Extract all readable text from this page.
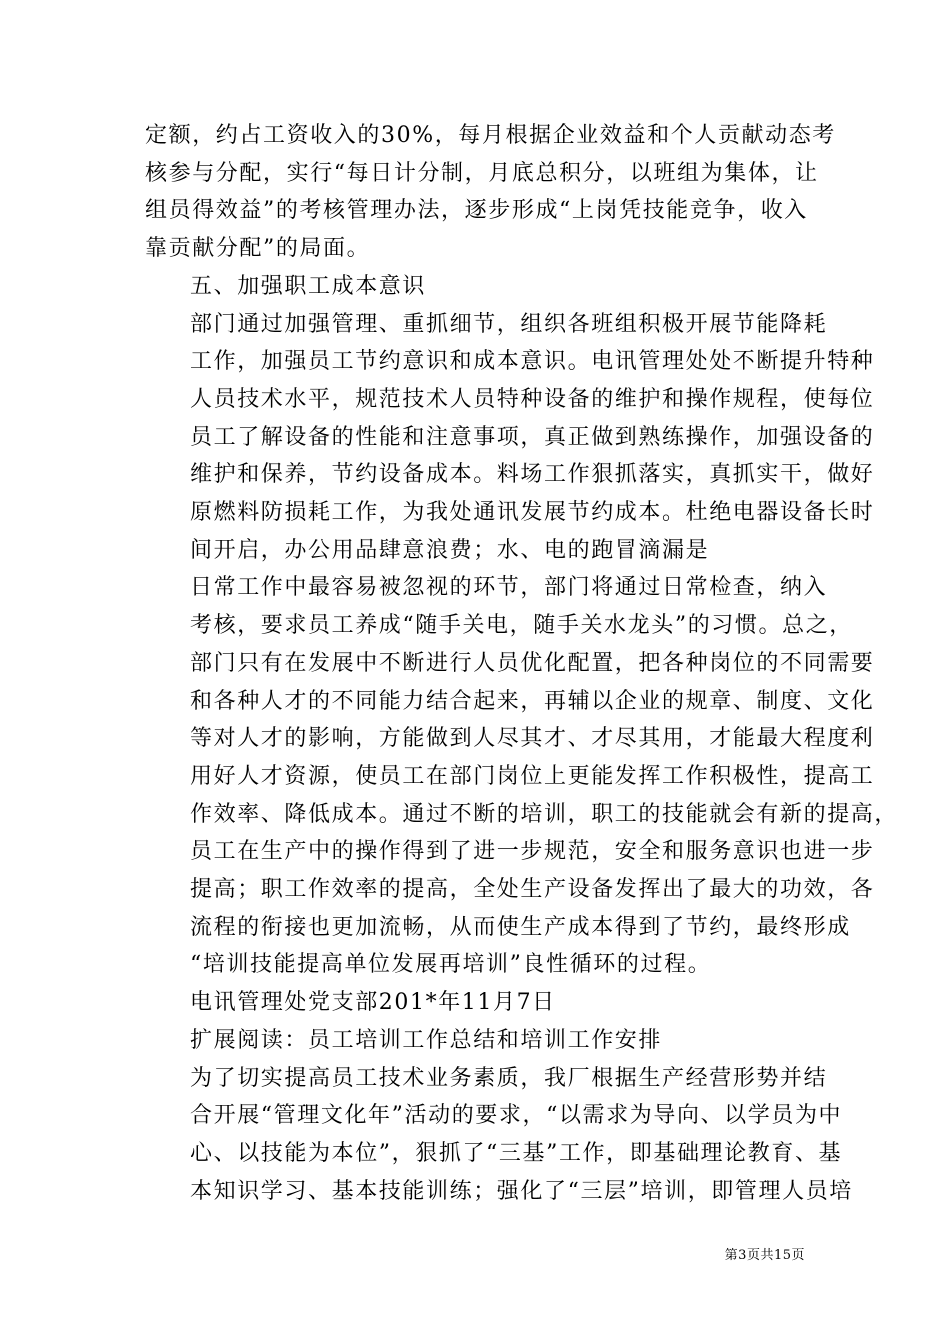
定额，约占工资收入的30%，每月根据企业效益和个人贡献动态考
核参与分配，实行“每日计分制，月底总积分，以班组为集体，让
组员得效益”的考核管理办法，逐步形成“上岗凭技能竞争，收入
靠贡献分配”的局面。

五、加强职工成本意识

部门通过加强管理、重抓细节，组织各班组积极开展节能降耗
工作，加强员工节约意识和成本意识。电讯管理处处不断提升特种
人员技术水平，规范技术人员特种设备的维护和操作规程，使每位
员工了解设备的性能和注意事项，真正做到熟练操作，加强设备的
维护和保养，节约设备成本。料场工作狠抓落实，真抓实干，做好
原燃料防损耗工作，为我处通讯发展节约成本。杜绝电器设备长时
间开启，办公用品肆意浪费；水、电的跑冒滴漏是

日常工作中最容易被忽视的环节，部门将通过日常检查，纳入
考核，要求员工养成“随手关电，随手关水龙头”的习惯。总之，
部门只有在发展中不断进行人员优化配置，把各种岗位的不同需要
和各种人才的不同能力结合起来，再辅以企业的规章、制度、文化
等对人才的影响，方能做到人尽其才、才尽其用，才能最大程度利
用好人才资源，使员工在部门岗位上更能发挥工作积极性，提高工
作效率、降低成本。通过不断的培训，职工的技能就会有新的提高，
员工在生产中的操作得到了进一步规范，安全和服务意识也进一步
提高；职工作效率的提高，全处生产设备发挥出了最大的功效，各
流程的衔接也更加流畅，从而使生产成本得到了节约，最终形成
“培训技能提高单位发展再培训”良性循环的过程。

电讯管理处党支部201*年11月7日

扩展阅读：员工培训工作总结和培训工作安排

为了切实提高员工技术业务素质，我厂根据生产经营形势并结
合开展“管理文化年”活动的要求，“以需求为导向、以学员为中
心、以技能为本位”，狠抓了“三基”工作，即基础理论教育、基
本知识学习、基本技能训练；强化了“三层”培训，即管理人员培

第3页共15页
